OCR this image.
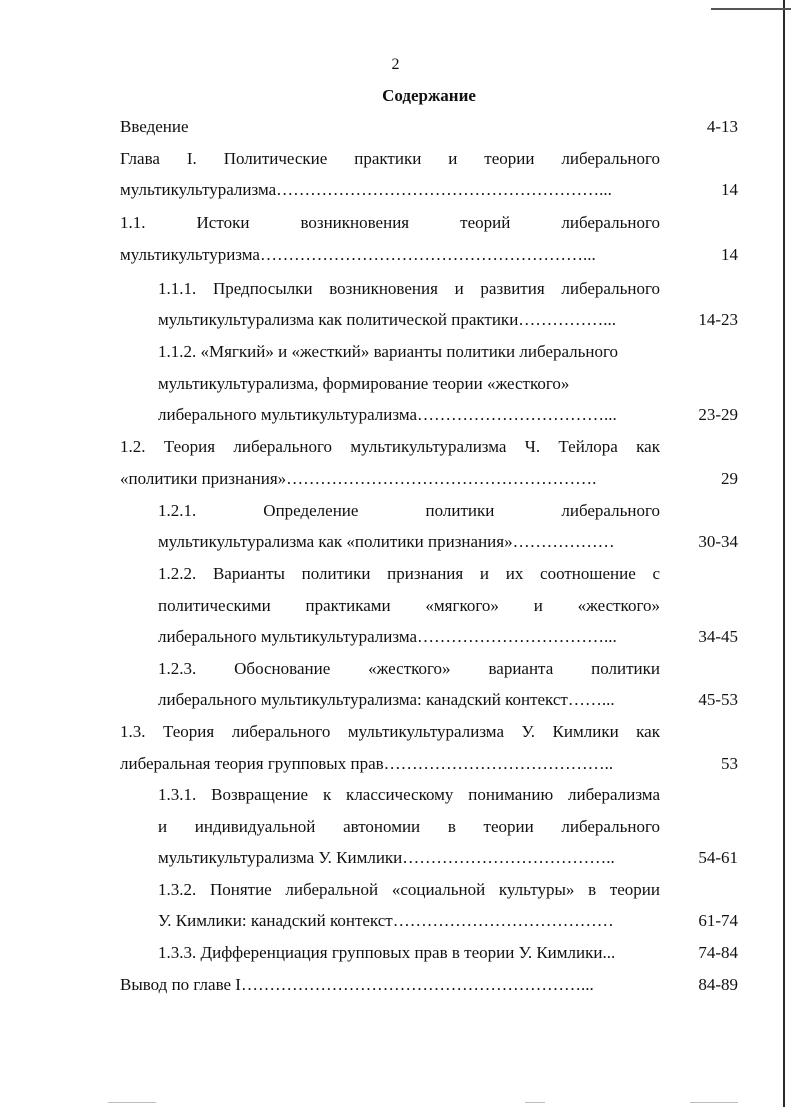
2
Содержание
Введение	4-13
Глава I. Политические практики и теории либерального
мультикультурализма…………………………………………………...	14
1.1. Истоки возникновения теорий либерального
мультикультуризма…………………………………………………...	14
1.1.1. Предпосылки возникновения и развития либерального
мультикультурализма как политической практики……………...	14-23
1.1.2. «Мягкий» и «жесткий» варианты политики либерального
мультикультурализма, формирование теории «жесткого»
либерального мультикультурализма……………………………...	23-29
1.2. Теория либерального мультикультурализма Ч. Тейлора как
«политики признания»……………………………………………….	29
1.2.1. Определение политики либерального
мультикультурализма как «политики признания»………………	30-34
1.2.2. Варианты политики признания и их соотношение с
политическими практиками «мягкого» и «жесткого»
либерального мультикультурализма……………………………...	34-45
1.2.3. Обоснование «жесткого» варианта политики
либерального мультикультурализма: канадский контекст……...	45-53
1.3. Теория либерального мультикультурализма У. Кимлики как
либеральная теория групповых прав…………………………………..	53
1.3.1. Возвращение к классическому пониманию либерализма
и индивидуальной автономии в теории либерального
мультикультурализма У. Кимлики………………………………..	54-61
1.3.2. Понятие либеральной «социальной культуры» в теории
У. Кимлики: канадский контекст…………………………………	61-74
1.3.3. Дифференциация групповых прав в теории У. Кимлики...	74-84
Вывод по главе I……………………………………………………...	84-89
